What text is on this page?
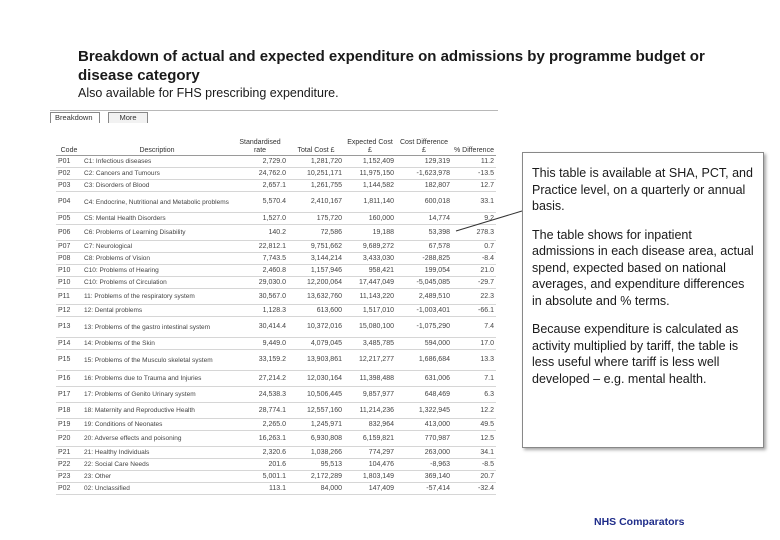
Breakdown of actual and expected expenditure on admissions by programme budget or disease category
Also available for FHS prescribing expenditure.
Breakdown	More
Code	Description	Standardised rate	Total Cost £	Expected Cost £	Cost Difference £	% Difference
P01	C1: Infectious diseases	2,729.0	1,281,720	1,152,409	129,319	11.2
P02	C2: Cancers and Tumours	24,762.0	10,251,171	11,975,150	-1,623,978	-13.5
P03	C3: Disorders of Blood	2,657.1	1,261,755	1,144,582	182,807	12.7
P04	C4: Endocrine, Nutritional and Metabolic problems	5,570.4	2,410,167	1,811,140	600,018	33.1
P05	C5: Mental Health Disorders	1,527.0	175,720	160,000	14,774	9.2
P06	C6: Problems of Learning Disability	140.2	72,586	19,188	53,398	278.3
P07	C7: Neurological	22,812.1	9,751,662	9,689,272	67,578	0.7
P08	C8: Problems of Vision	7,743.5	3,144,214	3,433,030	-288,825	-8.4
P10	C10: Problems of Hearing	2,460.8	1,157,946	958,421	199,054	21.0
P10	C10: Problems of Circulation	29,030.0	12,200,064	17,447,049	-5,045,085	-29.7
P11	11: Problems of the respiratory system	30,567.0	13,632,760	11,143,220	2,489,510	22.3
P12	12: Dental problems	1,128.3	613,600	1,517,010	-1,003,401	-66.1
P13	13: Problems of the gastro intestinal system	30,414.4	10,372,016	15,080,100	-1,075,290	7.4
P14	14: Problems of the Skin	9,449.0	4,079,045	3,485,785	594,000	17.0
P15	15: Problems of the Musculo skeletal system	33,159.2	13,903,861	12,217,277	1,686,684	13.3
P16	16: Problems due to Trauma and Injuries	27,214.2	12,030,164	11,398,488	631,006	7.1
P17	17: Problems of Genito Urinary system	24,538.3	10,506,445	9,857,977	648,469	6.3
P18	18: Maternity and Reproductive Health	28,774.1	12,557,160	11,214,236	1,322,945	12.2
P19	19: Conditions of Neonates	2,265.0	1,245,971	832,964	413,000	49.5
P20	20: Adverse effects and poisoning	16,263.1	6,930,808	6,159,821	770,987	12.5
P21	21: Healthy Individuals	2,320.6	1,038,266	774,297	263,000	34.1
P22	22: Social Care Needs	201.6	95,513	104,476	-8,963	-8.5
P23	23: Other	5,001.1	2,172,289	1,803,149	369,140	20.7
P02	02: Unclassified	113.1	84,000	147,409	-57,414	-32.4

This table is available at SHA, PCT, and Practice level, on a quarterly or annual basis.

The table shows for inpatient admissions in each disease area, actual spend, expected based on national averages, and expenditure differences in absolute and % terms.

Because expenditure is calculated as activity multiplied by tariff, the table is less useful where tariff is less well developed – e.g. mental health.

NHS Comparators
